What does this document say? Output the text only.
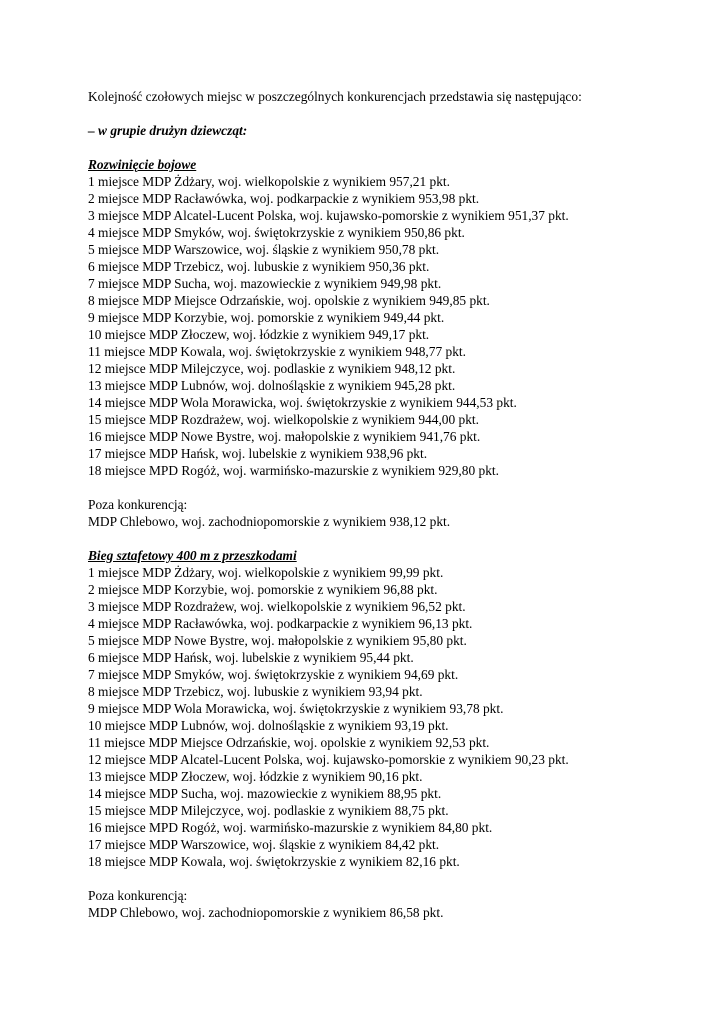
Kolejność czołowych miejsc w poszczególnych konkurencjach przedstawia się następująco:
– w grupie drużyn dziewcząt:
Rozwinięcie bojowe
1 miejsce MDP Żdżary, woj. wielkopolskie z wynikiem 957,21 pkt.
2 miejsce MDP Racławówka, woj. podkarpackie z wynikiem 953,98 pkt.
3 miejsce MDP Alcatel-Lucent Polska, woj. kujawsko-pomorskie z wynikiem 951,37 pkt.
4 miejsce MDP Smyków, woj. świętokrzyskie z wynikiem 950,86 pkt.
5 miejsce MDP Warszowice, woj. śląskie z wynikiem 950,78 pkt.
6 miejsce MDP Trzebicz, woj. lubuskie z wynikiem 950,36 pkt.
7 miejsce MDP Sucha, woj. mazowieckie z wynikiem 949,98 pkt.
8 miejsce MDP Miejsce Odrzańskie, woj. opolskie z wynikiem 949,85 pkt.
9 miejsce MDP Korzybie, woj. pomorskie z wynikiem 949,44 pkt.
10 miejsce MDP Złoczew, woj. łódzkie z wynikiem 949,17 pkt.
11 miejsce MDP Kowala, woj. świętokrzyskie z wynikiem 948,77 pkt.
12 miejsce MDP Milejczyce, woj. podlaskie z wynikiem 948,12 pkt.
13 miejsce MDP Lubnów, woj. dolnośląskie z wynikiem 945,28 pkt.
14 miejsce MDP Wola Morawicka, woj. świętokrzyskie z wynikiem 944,53 pkt.
15 miejsce MDP Rozdrażew, woj. wielkopolskie z wynikiem 944,00 pkt.
16 miejsce MDP Nowe Bystre, woj. małopolskie z wynikiem 941,76 pkt.
17 miejsce MDP Hańsk, woj. lubelskie z wynikiem 938,96 pkt.
18 miejsce MPD Rogóż, woj. warmińsko-mazurskie z wynikiem 929,80 pkt.
Poza konkurencją:
MDP Chlebowo, woj. zachodniopomorskie z wynikiem 938,12 pkt.
Bieg sztafetowy 400 m z przeszkodami
1 miejsce MDP Żdżary, woj. wielkopolskie z wynikiem 99,99 pkt.
2 miejsce MDP Korzybie, woj. pomorskie z wynikiem 96,88 pkt.
3 miejsce MDP Rozdrażew, woj. wielkopolskie z wynikiem 96,52 pkt.
4 miejsce MDP Racławówka, woj. podkarpackie z wynikiem 96,13 pkt.
5 miejsce MDP Nowe Bystre, woj. małopolskie z wynikiem 95,80 pkt.
6 miejsce MDP Hańsk, woj. lubelskie z wynikiem 95,44 pkt.
7 miejsce MDP Smyków, woj. świętokrzyskie z wynikiem 94,69 pkt.
8 miejsce MDP Trzebicz, woj. lubuskie z wynikiem 93,94 pkt.
9 miejsce MDP Wola Morawicka, woj. świętokrzyskie z wynikiem 93,78 pkt.
10 miejsce MDP Lubnów, woj. dolnośląskie z wynikiem 93,19 pkt.
11 miejsce MDP Miejsce Odrzańskie, woj. opolskie z wynikiem 92,53 pkt.
12 miejsce MDP Alcatel-Lucent Polska, woj. kujawsko-pomorskie z wynikiem 90,23 pkt.
13 miejsce MDP Złoczew, woj. łódzkie z wynikiem 90,16 pkt.
14 miejsce MDP Sucha, woj. mazowieckie z wynikiem 88,95 pkt.
15 miejsce MDP Milejczyce, woj. podlaskie z wynikiem 88,75 pkt.
16 miejsce MPD Rogóż, woj. warmińsko-mazurskie z wynikiem 84,80 pkt.
17 miejsce MDP Warszowice, woj. śląskie z wynikiem 84,42 pkt.
18 miejsce MDP Kowala, woj. świętokrzyskie z wynikiem 82,16 pkt.
Poza konkurencją:
MDP Chlebowo, woj. zachodniopomorskie z wynikiem 86,58 pkt.
